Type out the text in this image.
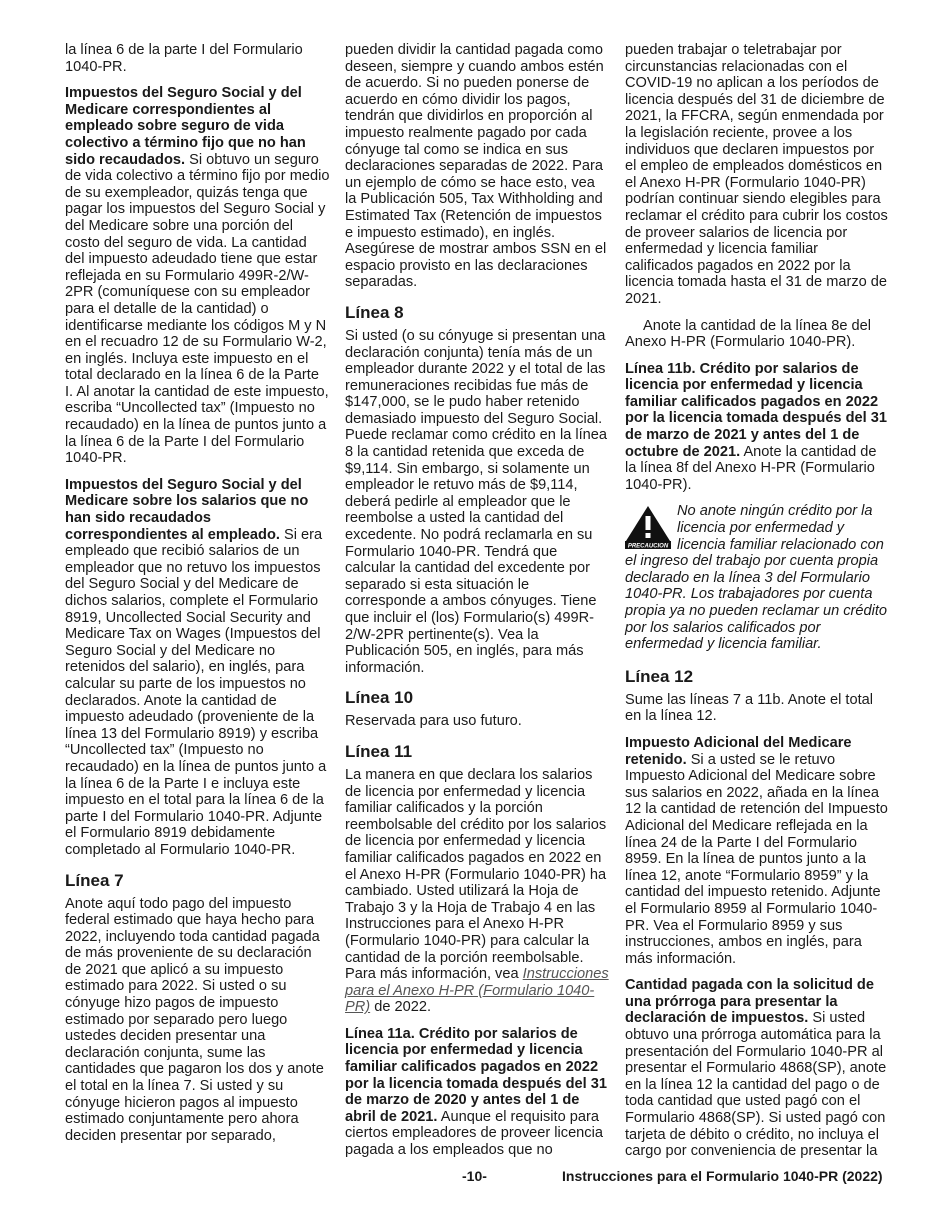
la línea 6 de la parte I del Formulario 1040-PR.

Impuestos del Seguro Social y del Medicare correspondientes al empleado sobre seguro de vida colectivo a término fijo que no han sido recaudados. Si obtuvo un seguro de vida colectivo a término fijo por medio de su exempleador, quizás tenga que pagar los impuestos del Seguro Social y del Medicare sobre una porción del costo del seguro de vida. La cantidad del impuesto adeudado tiene que estar reflejada en su Formulario 499R-2/W-2PR (comuníquese con su empleador para el detalle de la cantidad) o identificarse mediante los códigos M y N en el recuadro 12 de su Formulario W-2, en inglés. Incluya este impuesto en el total declarado en la línea 6 de la Parte I. Al anotar la cantidad de este impuesto, escriba “Uncollected tax” (Impuesto no recaudado) en la línea de puntos junto a la línea 6 de la Parte I del Formulario 1040-PR.

Impuestos del Seguro Social y del Medicare sobre los salarios que no han sido recaudados correspondientes al empleado. Si era empleado que recibió salarios de un empleador que no retuvo los impuestos del Seguro Social y del Medicare de dichos salarios, complete el Formulario 8919, Uncollected Social Security and Medicare Tax on Wages (Impuestos del Seguro Social y del Medicare no retenidos del salario), en inglés, para calcular su parte de los impuestos no declarados. Anote la cantidad de impuesto adeudado (proveniente de la línea 13 del Formulario 8919) y escriba “Uncollected tax” (Impuesto no recaudado) en la línea de puntos junto a la línea 6 de la Parte I e incluya este impuesto en el total para la línea 6 de la parte I del Formulario 1040-PR. Adjunte el Formulario 8919 debidamente completado al Formulario 1040-PR.

Línea 7

Anote aquí todo pago del impuesto federal estimado que haya hecho para 2022, incluyendo toda cantidad pagada de más proveniente de su declaración de 2021 que aplicó a su impuesto estimado para 2022. Si usted o su cónyuge hizo pagos de impuesto estimado por separado pero luego ustedes deciden presentar una declaración conjunta, sume las cantidades que pagaron los dos y anote el total en la línea 7. Si usted y su cónyuge hicieron pagos al impuesto estimado conjuntamente pero ahora deciden presentar por separado,

pueden dividir la cantidad pagada como deseen, siempre y cuando ambos estén de acuerdo. Si no pueden ponerse de acuerdo en cómo dividir los pagos, tendrán que dividirlos en proporción al impuesto realmente pagado por cada cónyuge tal como se indica en sus declaraciones separadas de 2022. Para un ejemplo de cómo se hace esto, vea la Publicación 505, Tax Withholding and Estimated Tax (Retención de impuestos e impuesto estimado), en inglés. Asegúrese de mostrar ambos SSN en el espacio provisto en las declaraciones separadas.

Línea 8

Si usted (o su cónyuge si presentan una declaración conjunta) tenía más de un empleador durante 2022 y el total de las remuneraciones recibidas fue más de $147,000, se le pudo haber retenido demasiado impuesto del Seguro Social. Puede reclamar como crédito en la línea 8 la cantidad retenida que exceda de $9,114. Sin embargo, si solamente un empleador le retuvo más de $9,114, deberá pedirle al empleador que le reembolse a usted la cantidad del excedente. No podrá reclamarla en su Formulario 1040-PR. Tendrá que calcular la cantidad del excedente por separado si esta situación le corresponde a ambos cónyuges. Tiene que incluir el (los) Formulario(s) 499R-2/W-2PR pertinente(s). Vea la Publicación 505, en inglés, para más información.

Línea 10

Reservada para uso futuro.

Línea 11

La manera en que declara los salarios de licencia por enfermedad y licencia familiar calificados y la porción reembolsable del crédito por los salarios de licencia por enfermedad y licencia familiar calificados pagados en 2022 en el Anexo H-PR (Formulario 1040-PR) ha cambiado. Usted utilizará la Hoja de Trabajo 3 y la Hoja de Trabajo 4 en las Instrucciones para el Anexo H-PR (Formulario 1040-PR) para calcular la cantidad de la porción reembolsable. Para más información, vea Instrucciones para el Anexo H-PR (Formulario 1040-PR) de 2022.

Línea 11a. Crédito por salarios de licencia por enfermedad y licencia familiar calificados pagados en 2022 por la licencia tomada después del 31 de marzo de 2020 y antes del 1 de abril de 2021. Aunque el requisito para ciertos empleadores de proveer licencia pagada a los empleados que no

pueden trabajar o teletrabajar por circunstancias relacionadas con el COVID-19 no aplican a los períodos de licencia después del 31 de diciembre de 2021, la FFCRA, según enmendada por la legislación reciente, provee a los individuos que declaren impuestos por el empleo de empleados domésticos en el Anexo H-PR (Formulario 1040-PR) podrían continuar siendo elegibles para reclamar el crédito para cubrir los costos de proveer salarios de licencia por enfermedad y licencia familiar calificados pagados en 2022 por la licencia tomada hasta el 31 de marzo de 2021.

Anote la cantidad de la línea 8e del Anexo H-PR (Formulario 1040-PR).

Línea 11b. Crédito por salarios de licencia por enfermedad y licencia familiar calificados pagados en 2022 por la licencia tomada después del 31 de marzo de 2021 y antes del 1 de octubre de 2021. Anote la cantidad de la línea 8f del Anexo H-PR (Formulario 1040-PR).

PRECAUCION
No anote ningún crédito por la licencia por enfermedad y licencia familiar relacionado con el ingreso del trabajo por cuenta propia declarado en la línea 3 del Formulario 1040-PR. Los trabajadores por cuenta propia ya no pueden reclamar un crédito por los salarios calificados por enfermedad y licencia familiar.
Línea 12

Sume las líneas 7 a 11b. Anote el total en la línea 12.

Impuesto Adicional del Medicare retenido. Si a usted se le retuvo Impuesto Adicional del Medicare sobre sus salarios en 2022, añada en la línea 12 la cantidad de retención del Impuesto Adicional del Medicare reflejada en la línea 24 de la Parte I del Formulario 8959. En la línea de puntos junto a la línea 12, anote “Formulario 8959” y la cantidad del impuesto retenido. Adjunte el Formulario 8959 al Formulario 1040-PR. Vea el Formulario 8959 y sus instrucciones, ambos en inglés, para más información.

Cantidad pagada con la solicitud de una prórroga para presentar la declaración de impuestos. Si usted obtuvo una prórroga automática para la presentación del Formulario 1040-PR al presentar el Formulario 4868(SP), anote en la línea 12 la cantidad del pago o de toda cantidad que usted pagó con el Formulario 4868(SP). Si usted pagó con tarjeta de débito o crédito, no incluya el cargo por conveniencia de presentar la

-10-	Instrucciones para el Formulario 1040-PR (2022)
